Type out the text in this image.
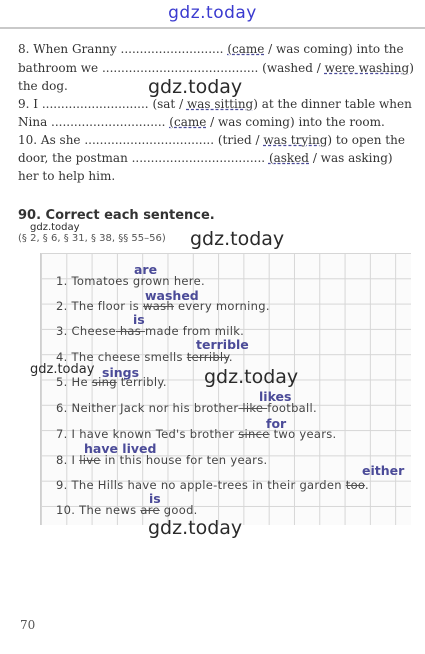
gdz.today
8. When Granny ........................... (came / was coming) into the
bathroom we ......................................... (washed / were washing)
the dog.
9. I ............................ (sat / was sitting) at the dinner table when
Nina .............................. (came / was coming) into the room.
10. As she .................................. (tried / was trying) to open the
door, the postman ................................... (asked / was asking)
her to help him.
gdz.today
90. Correct each sentence.
gdz.today
(§ 2, § 6, § 31, § 38, §§ 55–56) gdz.today
1. Tomatoes grown here.
are
2. The floor is wash every morning.
washed
3. Cheese has made from milk.
is
4. The cheese smells terribly.
terrible
5. He sing terribly.
sings
gdz.today	gdz.today
6. Neither Jack nor his brother like football.
likes
7. I have known Ted's brother since two years.
for
8. I live in this house for ten years.
have lived
9. The Hills have no apple-trees in their garden too.
either
10. The news are good.
is
gdz.today
70
